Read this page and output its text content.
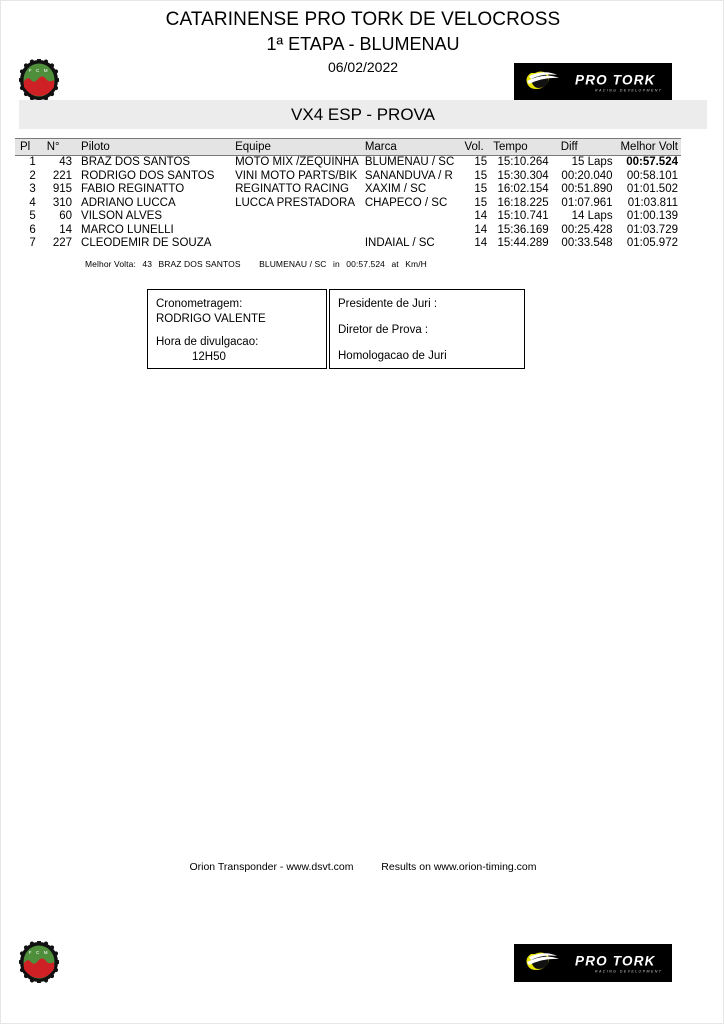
CATARINENSE PRO TORK DE VELOCROSS
1ª ETAPA - BLUMENAU
06/02/2022
F C M
PRO TORK
RACING DEVELOPMENT
VX4 ESP - PROVA
Pl	N°	Piloto	Equipe	Marca	Vol.	Tempo	Diff	Melhor Volt
1	43	BRAZ DOS SANTOS	MOTO MIX /ZEQUINHA	BLUMENAU / SC	15	15:10.264	15 Laps	00:57.524
2	221	RODRIGO DOS SANTOS	VINI MOTO PARTS/BIK	SANANDUVA / R	15	15:30.304	00:20.040	00:58.101
3	915	FABIO REGINATTO	REGINATTO RACING	XAXIM / SC	15	16:02.154	00:51.890	01:01.502
4	310	ADRIANO LUCCA	LUCCA PRESTADORA	CHAPECO / SC	15	16:18.225	01:07.961	01:03.811
5	60	VILSON ALVES			14	15:10.741	14 Laps	01:00.139
6	14	MARCO LUNELLI			14	15:36.169	00:25.428	01:03.729
7	227	CLEODEMIR DE SOUZA		INDAIAL / SC	14	15:44.289	00:33.548	01:05.972
Melhor Volta: 43 BRAZ DOS SANTOS BLUMENAU / SC in 00:57.524 at Km/H
Cronometragem:
RODRIGO VALENTE
Hora de divulgacao:
12H50
Presidente de Juri :
Diretor de Prova :
Homologacao de Juri
Orion Transponder - www.dsvt.com	Results on www.orion-timing.com
F C M
PRO TORK
RACING DEVELOPMENT
